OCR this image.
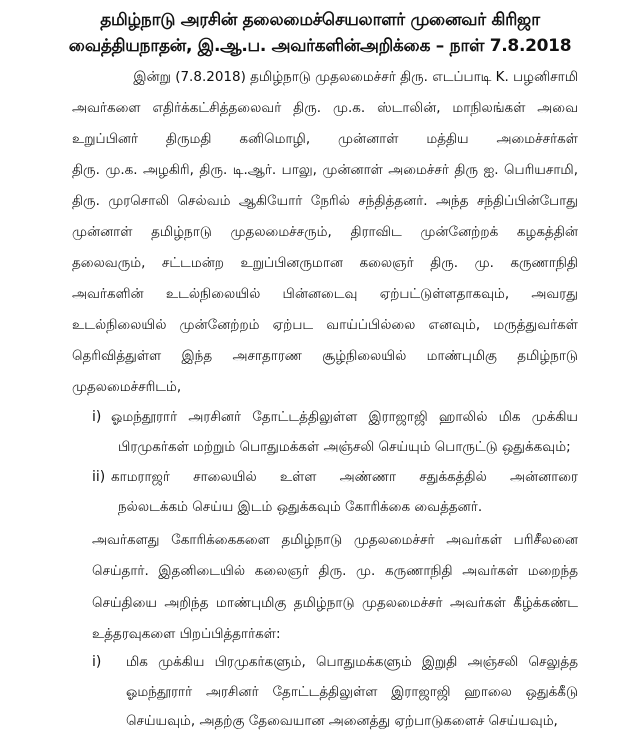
தமிழ்நாடு அரசின் தலைமைச்செயலாளர் முனைவர் கிரிஜா
வைத்தியநாதன், இ.ஆ.ப. அவர்களின்அறிக்கை – நாள் 7.8.2018
இன்று (7.8.2018) தமிழ்நாடு முதலமைச்சர் திரு. எடப்பாடி K. பழனிசாமி
அவர்களை எதிர்க்கட்சித்தலைவர் திரு. மு.க. ஸ்டாலின், மாநிலங்கள் அவை
உறுப்பினர் திருமதி கனிமொழி, முன்னாள் மத்திய அமைச்சர்கள்
திரு. மு.க. அழகிரி, திரு. டி.ஆர். பாலு, முன்னாள் அமைச்சர் திரு ஐ. பெரியசாமி,
திரு. முரசொலி செல்வம் ஆகியோர் நேரில் சந்தித்தனர். அந்த சந்திப்பின்போது
முன்னாள் தமிழ்நாடு முதலமைச்சரும், திராவிட முன்னேற்றக் கழகத்தின்
தலைவரும், சட்டமன்ற உறுப்பினருமான கலைஞர் திரு. மு. கருணாநிதி
அவர்களின் உடல்நிலையில் பின்னடைவு ஏற்பட்டுள்ளதாகவும், அவரது
உடல்நிலையில் முன்னேற்றம் ஏற்பட வாய்ப்பில்லை எனவும், மருத்துவர்கள்
தெரிவித்துள்ள இந்த அசாதாரண சூழ்நிலையில் மாண்புமிகு தமிழ்நாடு
முதலமைச்சரிடம்,
i) ஓமந்தூரார் அரசினர் தோட்டத்திலுள்ள இராஜாஜி ஹாலில் மிக முக்கிய
பிரமுகர்கள் மற்றும் பொதுமக்கள் அஞ்சலி செய்யும் பொருட்டு ஒதுக்கவும்;
ii) காமராஜர் சாலையில் உள்ள அண்ணா சதுக்கத்தில் அன்னாரை
நல்லடக்கம் செய்ய இடம் ஒதுக்கவும் கோரிக்கை வைத்தனர்.
அவர்களது கோரிக்கைகளை தமிழ்நாடு முதலமைச்சர் அவர்கள் பரிசீலனை
செய்தார். இதனிடையில் கலைஞர் திரு. மு. கருணாநிதி அவர்கள் மறைந்த
செய்தியை அறிந்த மாண்புமிகு தமிழ்நாடு முதலமைச்சர் அவர்கள் கீழ்க்கண்ட
உத்தரவுகளை பிறப்பித்தார்கள்:
i) மிக முக்கிய பிரமுகர்களும், பொதுமக்களும் இறுதி அஞ்சலி செலுத்த
ஓமந்தூரார் அரசினர் தோட்டத்திலுள்ள இராஜாஜி ஹாலை ஒதுக்கீடு
செய்யவும், அதற்கு தேவையான அனைத்து ஏற்பாடுகளைச் செய்யவும்,
